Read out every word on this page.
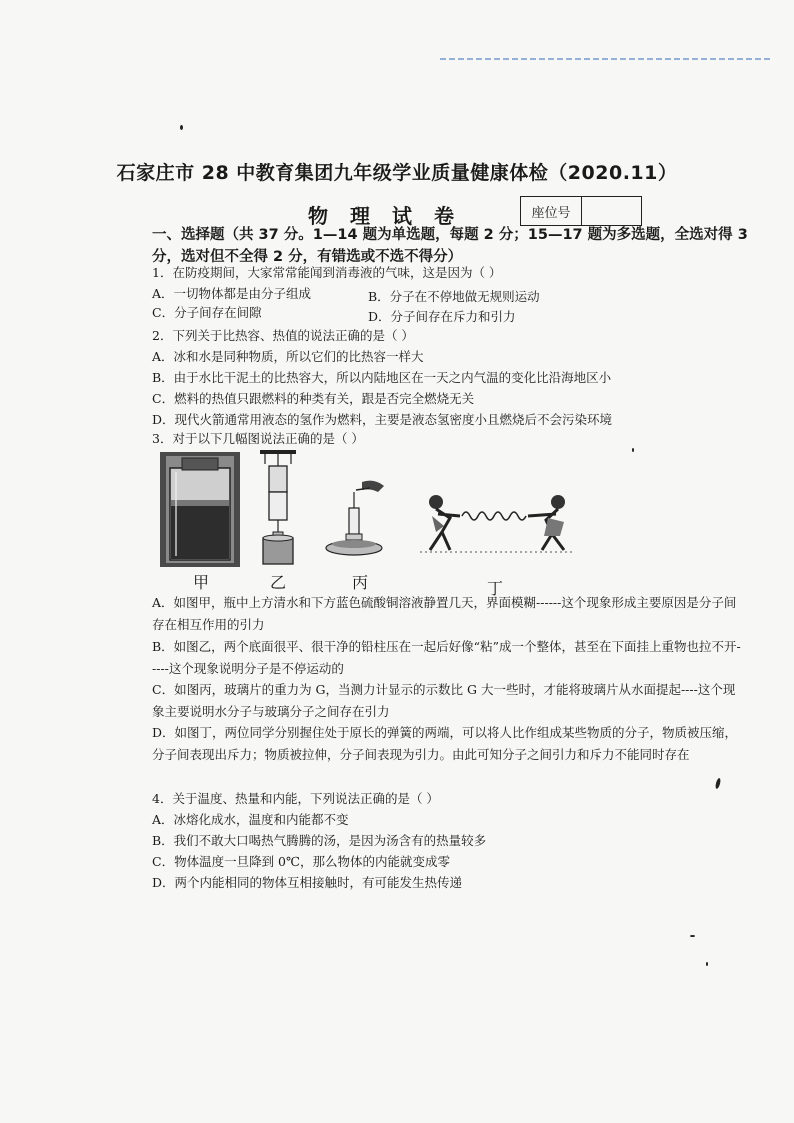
石家庄市 28 中教育集团九年级学业质量健康体检（2020.11）
物理试卷	座位号
一、选择题（共 37 分。1—14 题为单选题，每题 2 分；15—17 题为多选题，全选对得 3 分，选对但不全得 2 分，有错选或不选不得分）
1．在防疫期间，大家常常能闻到消毒液的气味，这是因为（ ）
A．一切物体都是由分子组成	B．分子在不停地做无规则运动
C．分子间存在间隙	D．分子间存在斥力和引力
2．下列关于比热容、热值的说法正确的是（ ）
A．冰和水是同种物质，所以它们的比热容一样大
B．由于水比干泥土的比热容大，所以内陆地区在一天之内气温的变化比沿海地区小
C．燃料的热值只跟燃料的种类有关，跟是否完全燃烧无关
D．现代火箭通常用液态的氢作为燃料，主要是液态氢密度小且燃烧后不会污染环境
3．对于以下几幅图说法正确的是（ ）
甲	乙	丙	丁
A．如图甲，瓶中上方清水和下方蓝色硫酸铜溶液静置几天，界面模糊------这个现象形成主要原因是分子间存在相互作用的引力
B．如图乙，两个底面很平、很干净的铅柱压在一起后好像“粘”成一个整体，甚至在下面挂上重物也拉不开-----这个现象说明分子是不停运动的
C．如图丙，玻璃片的重力为 G，当测力计显示的示数比 G 大一些时，才能将玻璃片从水面提起----这个现象主要说明水分子与玻璃分子之间存在引力
D．如图丁，两位同学分别握住处于原长的弹簧的两端，可以将人比作组成某些物质的分子，物质被压缩，分子间表现出斥力；物质被拉伸，分子间表现为引力。由此可知分子之间引力和斥力不能同时存在
4．关于温度、热量和内能，下列说法正确的是（ ）
A．冰熔化成水，温度和内能都不变
B．我们不敢大口喝热气腾腾的汤，是因为汤含有的热量较多
C．物体温度一旦降到 0℃，那么物体的内能就变成零
D．两个内能相同的物体互相接触时，有可能发生热传递
